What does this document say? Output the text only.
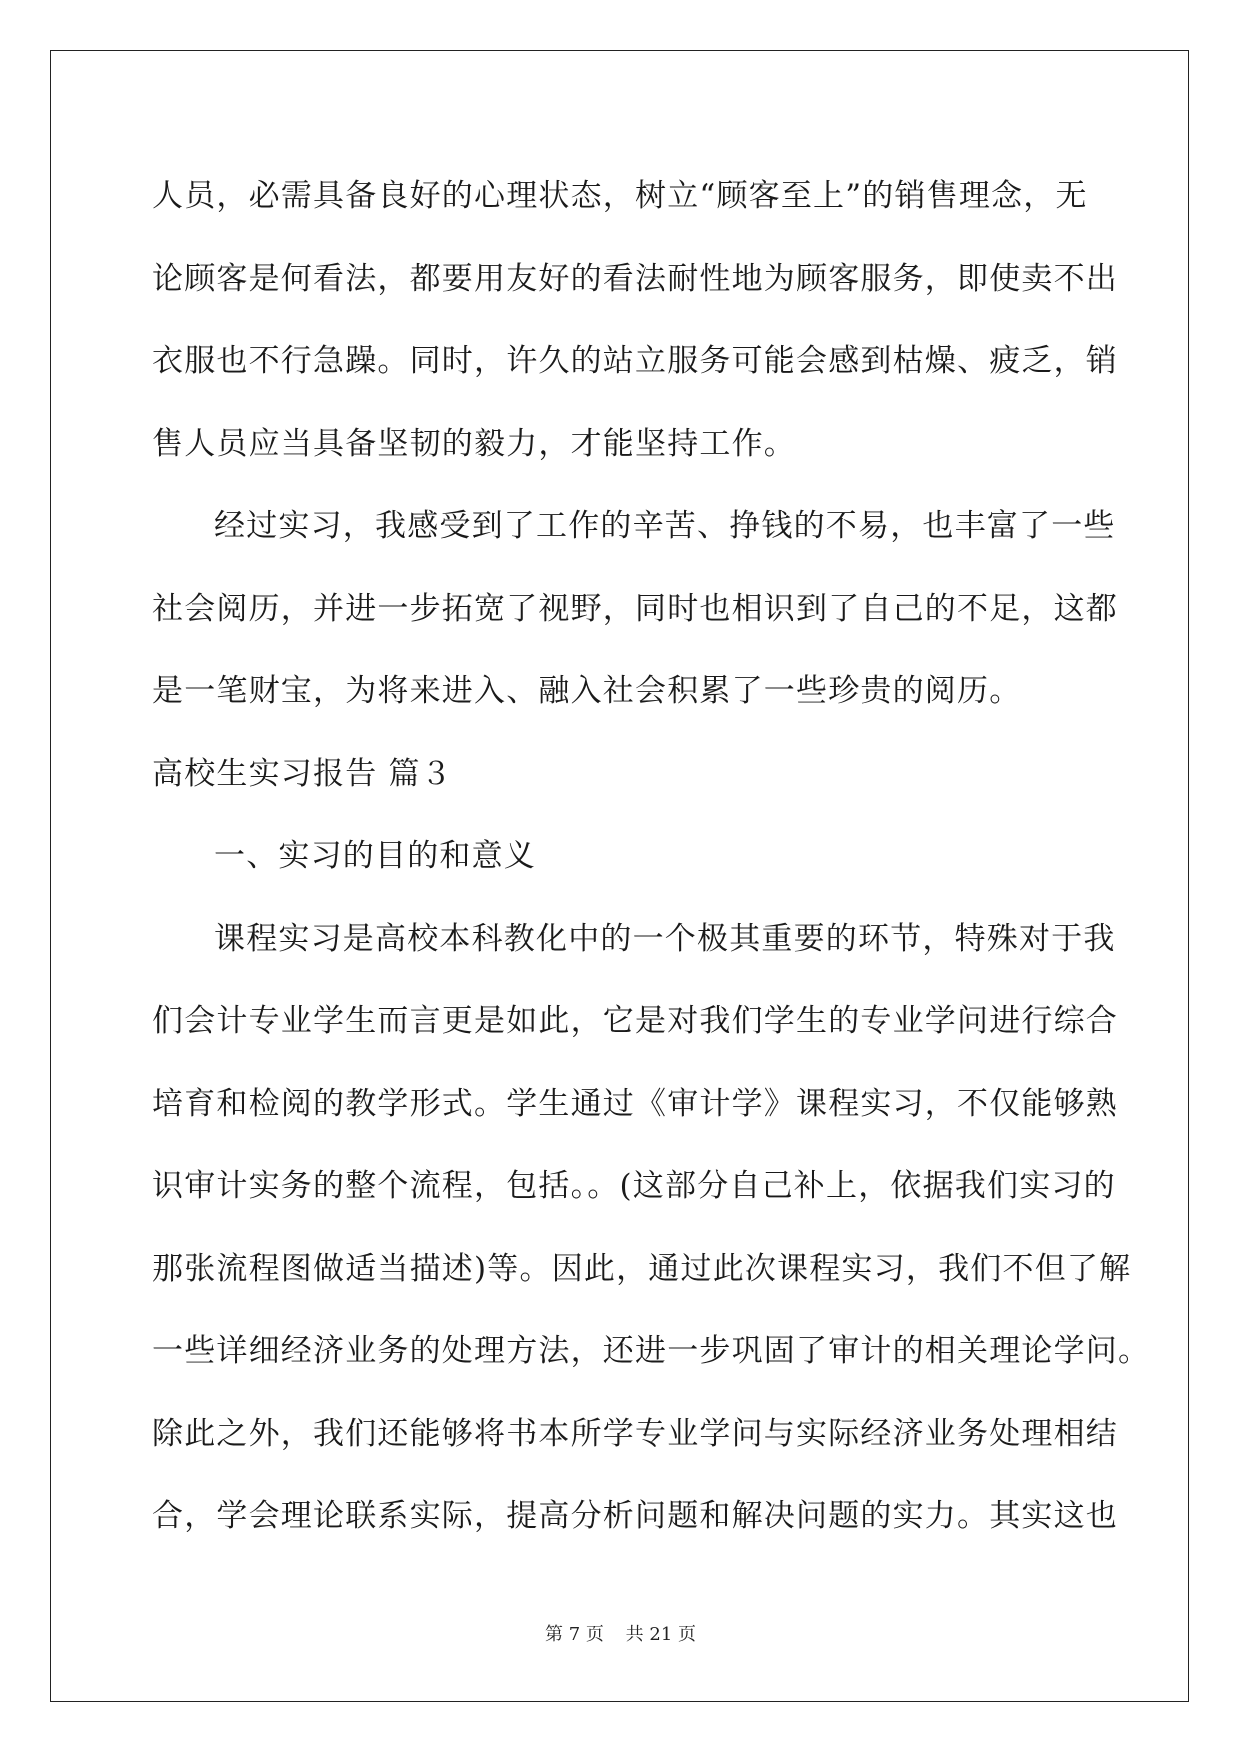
人员，必需具备良好的心理状态，树立“顾客至上”的销售理念，无
论顾客是何看法，都要用友好的看法耐性地为顾客服务，即使卖不出
衣服也不行急躁。同时，许久的站立服务可能会感到枯燥、疲乏，销
售人员应当具备坚韧的毅力，才能坚持工作。
经过实习，我感受到了工作的辛苦、挣钱的不易，也丰富了一些
社会阅历，并进一步拓宽了视野，同时也相识到了自己的不足，这都
是一笔财宝，为将来进入、融入社会积累了一些珍贵的阅历。
高校生实习报告 篇３
一、实习的目的和意义
课程实习是高校本科教化中的一个极其重要的环节，特殊对于我
们会计专业学生而言更是如此，它是对我们学生的专业学问进行综合
培育和检阅的教学形式。学生通过《审计学》课程实习，不仅能够熟
识审计实务的整个流程，包括。。(这部分自己补上，依据我们实习的
那张流程图做适当描述)等。因此，通过此次课程实习，我们不但了解
一些详细经济业务的处理方法，还进一步巩固了审计的相关理论学问。
除此之外，我们还能够将书本所学专业学问与实际经济业务处理相结
合，学会理论联系实际，提高分析问题和解决问题的实力。其实这也
第 7 页 共 21 页
